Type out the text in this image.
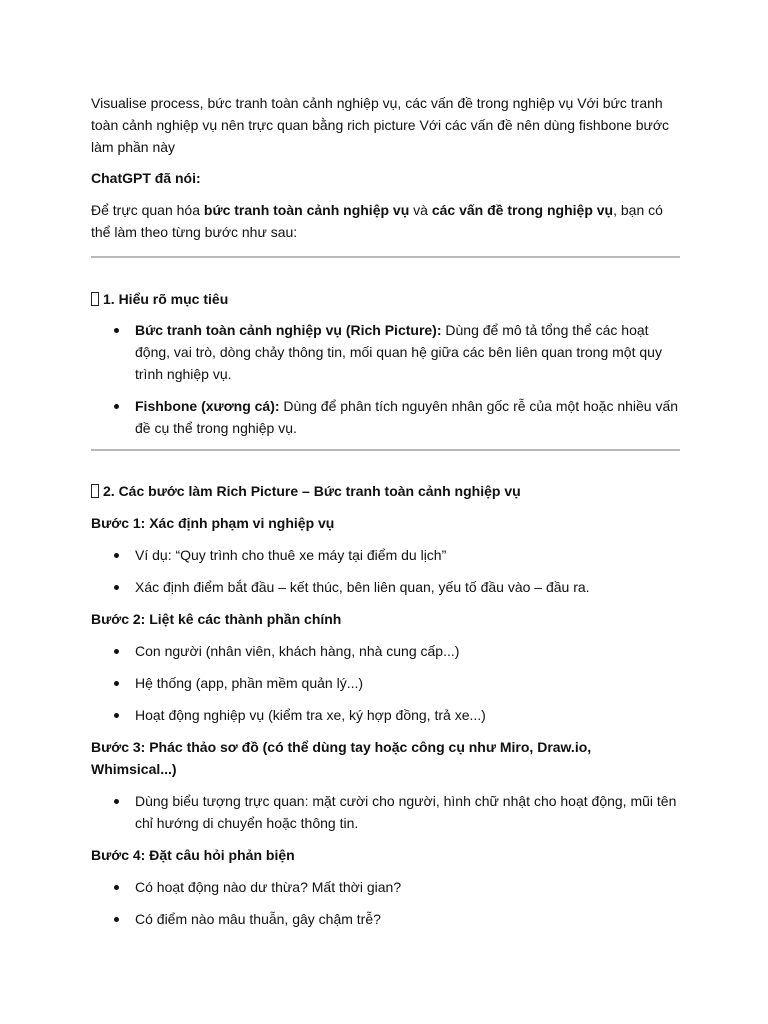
Visualise process, bức tranh toàn cảnh nghiệp vụ, các vấn đề trong nghiệp vụ Với bức tranh toàn cảnh nghiệp vụ nên trực quan bằng rich picture Với các vấn đề nên dùng fishbone bước làm phần này

ChatGPT đã nói:

Để trực quan hóa bức tranh toàn cảnh nghiệp vụ và các vấn đề trong nghiệp vụ, bạn có thể làm theo từng bước như sau:

1. Hiểu rõ mục tiêu

Bức tranh toàn cảnh nghiệp vụ (Rich Picture): Dùng để mô tả tổng thể các hoạt động, vai trò, dòng chảy thông tin, mối quan hệ giữa các bên liên quan trong một quy trình nghiệp vụ.
Fishbone (xương cá): Dùng để phân tích nguyên nhân gốc rễ của một hoặc nhiều vấn đề cụ thể trong nghiệp vụ.

2. Các bước làm Rich Picture – Bức tranh toàn cảnh nghiệp vụ

Bước 1: Xác định phạm vi nghiệp vụ

Ví dụ: “Quy trình cho thuê xe máy tại điểm du lịch”
Xác định điểm bắt đầu – kết thúc, bên liên quan, yếu tố đầu vào – đầu ra.

Bước 2: Liệt kê các thành phần chính

Con người (nhân viên, khách hàng, nhà cung cấp...)
Hệ thống (app, phần mềm quản lý...)
Hoạt động nghiệp vụ (kiểm tra xe, ký hợp đồng, trả xe...)

Bước 3: Phác thảo sơ đồ (có thể dùng tay hoặc công cụ như Miro, Draw.io, Whimsical...)

Dùng biểu tượng trực quan: mặt cười cho người, hình chữ nhật cho hoạt động, mũi tên chỉ hướng di chuyển hoặc thông tin.

Bước 4: Đặt câu hỏi phản biện

Có hoạt động nào dư thừa? Mất thời gian?
Có điểm nào mâu thuẫn, gây chậm trễ?
